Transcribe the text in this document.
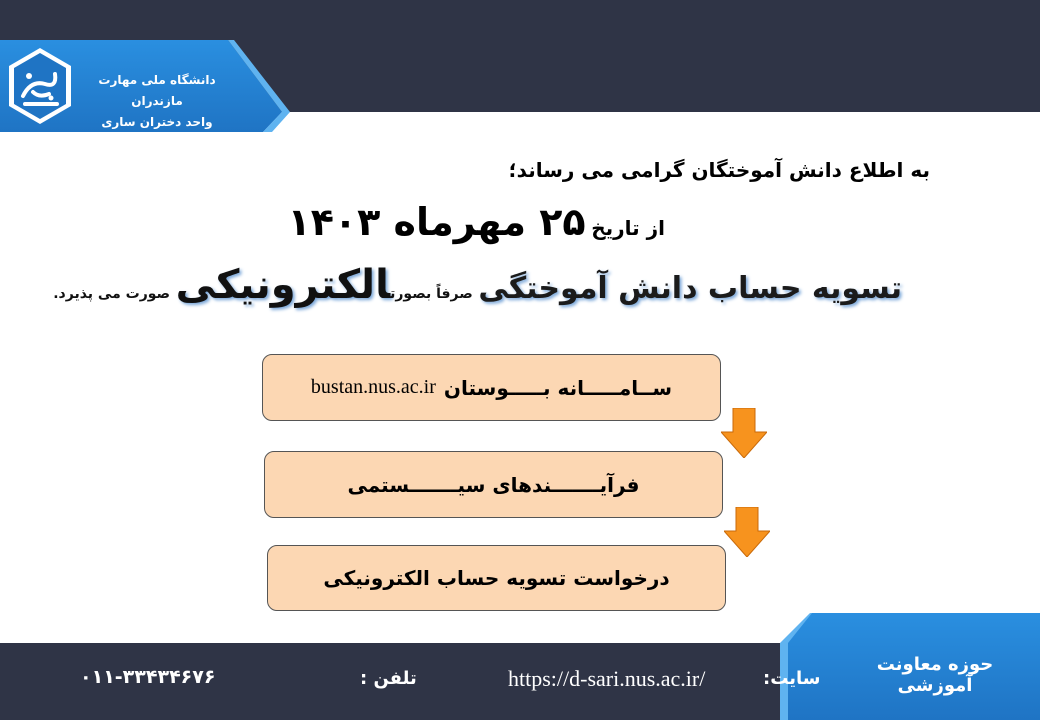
دانشگاه ملی مهارت مازندران
واحد دختران ساری
به اطلاع دانش آموختگان گرامی می رساند؛
از تاریخ ۲۵ مهرماه ۱۴۰۳
تسویه حساب دانش آموختگی صرفاً بصورتالکترونیکی صورت می پذیرد.
ســامـــــانه بـــــوستان
bustan.nus.ac.ir
فرآیـــــــندهای سیـــــــستمی
درخواست تسویه حساب الکترونیکی
حوزه معاونت آموزشی
سایت:
https://d-sari.nus.ac.ir/
تلفن :
۰۱۱-۳۳۴۳۴۶۷۶
